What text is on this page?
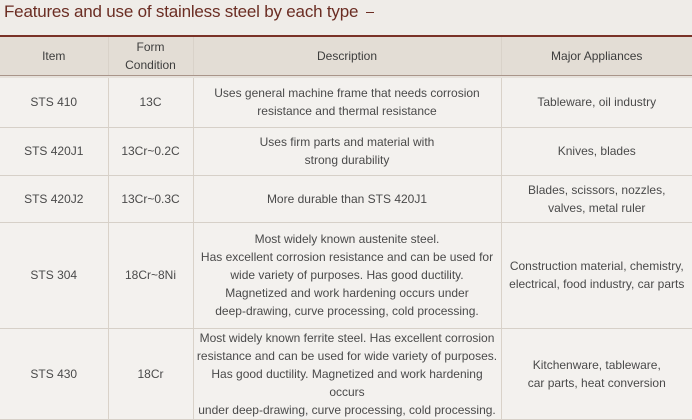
Features and use of stainless steel by each type
Item	Form Condition	Description	Major Appliances

STS 410	13C	Uses general machine frame that needs corrosion
resistance and thermal resistance	Tableware, oil industry

STS 420J1	13Cr~0.2C	Uses firm parts and material with
strong durability	Knives, blades

STS 420J2	13Cr~0.3C	More durable than STS 420J1	Blades, scissors, nozzles,
valves, metal ruler

STS 304	18Cr~8Ni	Most widely known austenite steel.
Has excellent corrosion resistance and can be used for
wide variety of purposes. Has good ductility.
Magnetized and work hardening occurs under
deep-drawing, curve processing, cold processing.	Construction material, chemistry,
electrical, food industry, car parts

STS 430	18Cr	Most widely known ferrite steel. Has excellent corrosion
resistance and can be used for wide variety of purposes.
Has good ductility. Magnetized and work hardening occurs
under deep-drawing, curve processing, cold processing.	Kitchenware, tableware,
car parts, heat conversion
